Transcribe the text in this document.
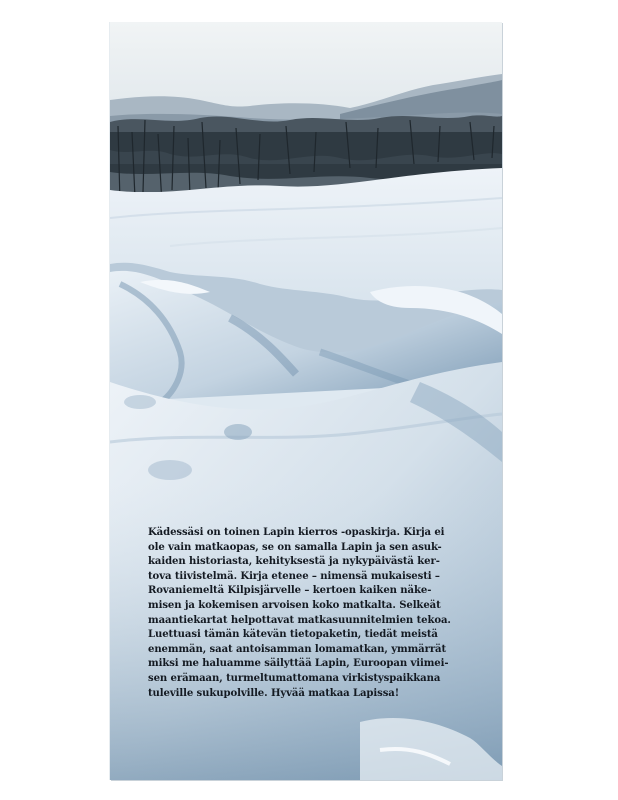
Kädessäsi on toinen Lapin kierros -opaskirja. Kirja ei
ole vain matkaopas, se on samalla Lapin ja sen asuk-
kaiden historiasta, kehityksestä ja nykypäivästä ker-
tova tiivistelmä. Kirja etenee – nimensä mukaisesti –
Rovaniemeltä Kilpisjärvelle – kertoen kaiken näke-
misen ja kokemisen arvoisen koko matkalta. Selkeät
maantiekartat helpottavat matkasuunnitelmien tekoa.
Luettuasi tämän kätevän tietopaketin, tiedät meistä
enemmän, saat antoisamman lomamatkan, ymmärrät
miksi me haluamme säilyttää Lapin, Euroopan viimei-
sen erämaan, turmeltumattomana virkistyspaikkana
tuleville sukupolville. Hyvää matkaa Lapissa!
